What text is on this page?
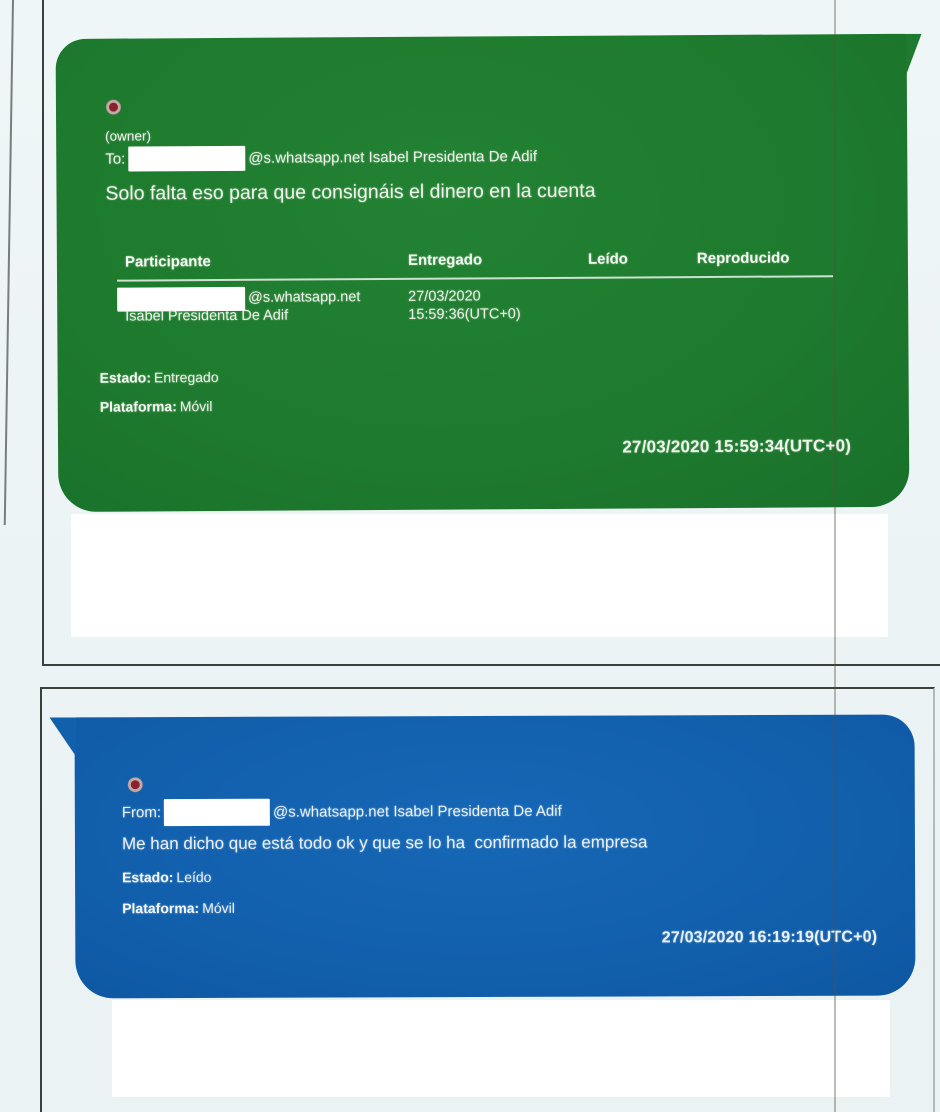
(owner)
To:	@s.whatsapp.net Isabel Presidenta De Adif
Solo falta eso para que consignáis el dinero en la cuenta
Participante	Entregado	Leído	Reproducido
@s.whatsapp.net	27/03/2020
Isabel Presidenta De Adif	15:59:36(UTC+0)
Estado: Entregado
Plataforma: Móvil
27/03/2020 15:59:34(UTC+0)
From:	@s.whatsapp.net Isabel Presidenta De Adif
Me han dicho que está todo ok y que se lo ha  confirmado la empresa
Estado: Leído
Plataforma: Móvil
27/03/2020 16:19:19(UTC+0)
